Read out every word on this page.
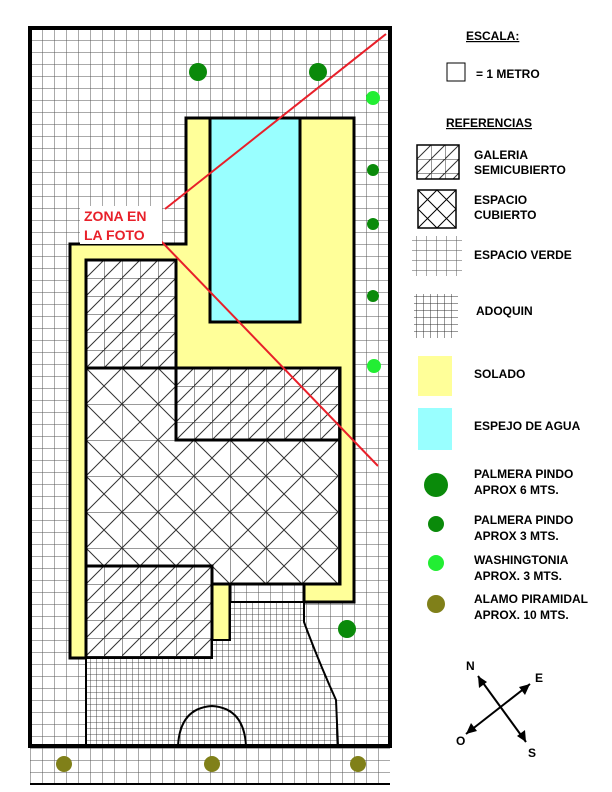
ZONA EN
LA FOTO
ESCALA:
= 1 METRO
REFERENCIAS
GALERIA
SEMICUBIERTO
ESPACIO
CUBIERTO
ESPACIO VERDE
ADOQUIN
SOLADO
ESPEJO DE AGUA
PALMERA PINDO
APROX 6 MTS.
PALMERA PINDO
APROX 3 MTS.
WASHINGTONIA
APROX. 3 MTS.
ALAMO PIRAMIDAL
APROX. 10 MTS.
N
E
O
S
